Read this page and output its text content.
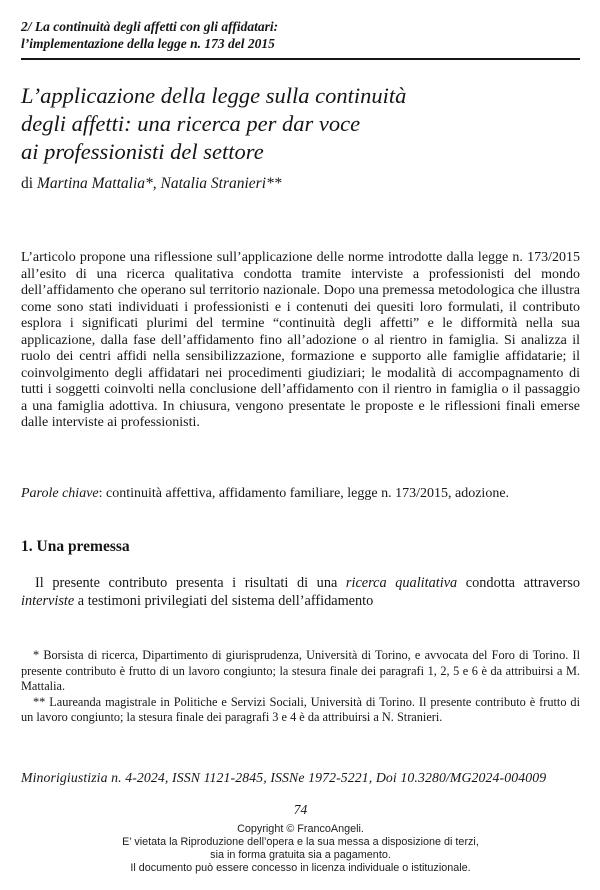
2/ La continuità degli affetti con gli affidatari:
l’implementazione della legge n. 173 del 2015
L’applicazione della legge sulla continuità
degli affetti: una ricerca per dar voce
ai professionisti del settore
di Martina Mattalia*, Natalia Stranieri**

L’articolo propone una riflessione sull’applicazione delle norme introdotte dalla legge n. 173/2015 all’esito di una ricerca qualitativa condotta tramite interviste a professionisti del mondo dell’affidamento che operano sul territorio nazionale. Dopo una premessa metodologica che illustra come sono stati individuati i professionisti e i contenuti dei quesiti loro formulati, il contributo esplora i significati plurimi del termine “continuità degli affetti” e le difformità nella sua applicazione, dalla fase dell’affidamento fino all’adozione o al rientro in famiglia. Si analizza il ruolo dei centri affidi nella sensibilizzazione, formazione e supporto alle famiglie affidatarie; il coinvolgimento degli affidatari nei procedimenti giudiziari; le modalità di accompagnamento di tutti i soggetti coinvolti nella conclusione dell’affidamento con il rientro in famiglia o il passaggio a una famiglia adottiva. In chiusura, vengono presentate le proposte e le riflessioni finali emerse dalle interviste ai professionisti.

Parole chiave: continuità affettiva, affidamento familiare, legge n. 173/2015, adozione.

1. Una premessa

Il presente contributo presenta i risultati di una ricerca qualitativa condotta attraverso interviste a testimoni privilegiati del sistema dell’affidamento

* Borsista di ricerca, Dipartimento di giurisprudenza, Università di Torino, e avvocata del Foro di Torino. Il presente contributo è frutto di un lavoro congiunto; la stesura finale dei paragrafi 1, 2, 5 e 6 è da attribuirsi a M. Mattalia.

** Laureanda magistrale in Politiche e Servizi Sociali, Università di Torino. Il presente contributo è frutto di un lavoro congiunto; la stesura finale dei paragrafi 3 e 4 è da attribuirsi a N. Stranieri.

Minorigiustizia n. 4-2024, ISSN 1121-2845, ISSNe 1972-5221, Doi 10.3280/MG2024-004009
74
Copyright © FrancoAngeli.
E’ vietata la Riproduzione dell’opera e la sua messa a disposizione di terzi,
sia in forma gratuita sia a pagamento.
Il documento può essere concesso in licenza individuale o istituzionale.
